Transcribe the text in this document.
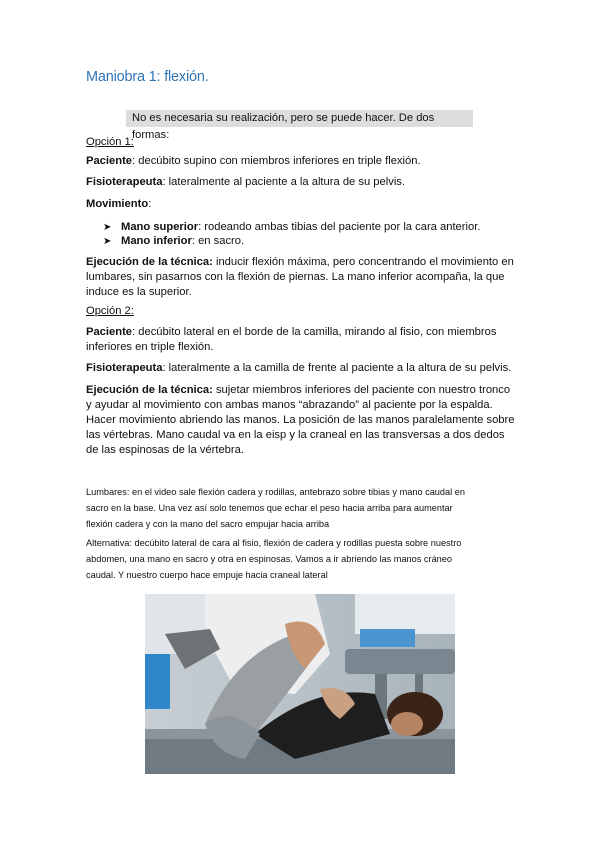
Maniobra 1: flexión.
No es necesaria su realización, pero se puede hacer. De dos formas:
Opción 1:
Paciente: decúbito supino con miembros inferiores en triple flexión.
Fisioterapeuta: lateralmente al paciente a la altura de su pelvis.
Movimiento:
➤ Mano superior: rodeando ambas tibias del paciente por la cara anterior.
➤ Mano inferior: en sacro.
Ejecución de la técnica: inducir flexión máxima, pero concentrando el movimiento en
lumbares, sin pasarnos con la flexión de piernas. La mano inferior acompaña, la que
induce es la superior.
Opción 2:
Paciente: decúbito lateral en el borde de la camilla, mirando al fisio, con miembros
inferiores en triple flexión.
Fisioterapeuta: lateralmente a la camilla de frente al paciente a la altura de su pelvis.
Ejecución de la técnica: sujetar miembros inferiores del paciente con nuestro tronco
y ayudar al movimiento con ambas manos “abrazando” al paciente por la espalda.
Hacer movimiento abriendo las manos. La posición de las manos paralelamente sobre
las vértebras. Mano caudal va en la eisp y la craneal en las transversas a dos dedos
de las espinosas de la vértebra.
Lumbares: en el video sale flexión cadera y rodillas, antebrazo sobre tibias y mano caudal en
sacro en la base. Una vez así solo tenemos que echar el peso hacia arriba para aumentar
flexión cadera y con la mano del sacro empujar hacia arriba
Alternativa: decúbito lateral de cara al fisio, flexión de cadera y rodillas puesta sobre nuestro
abdomen, una mano en sacro y otra en espinosas. Vamos a ir abriendo las manos cráneo
caudal. Y nuestro cuerpo hace empuje hacia craneal lateral
